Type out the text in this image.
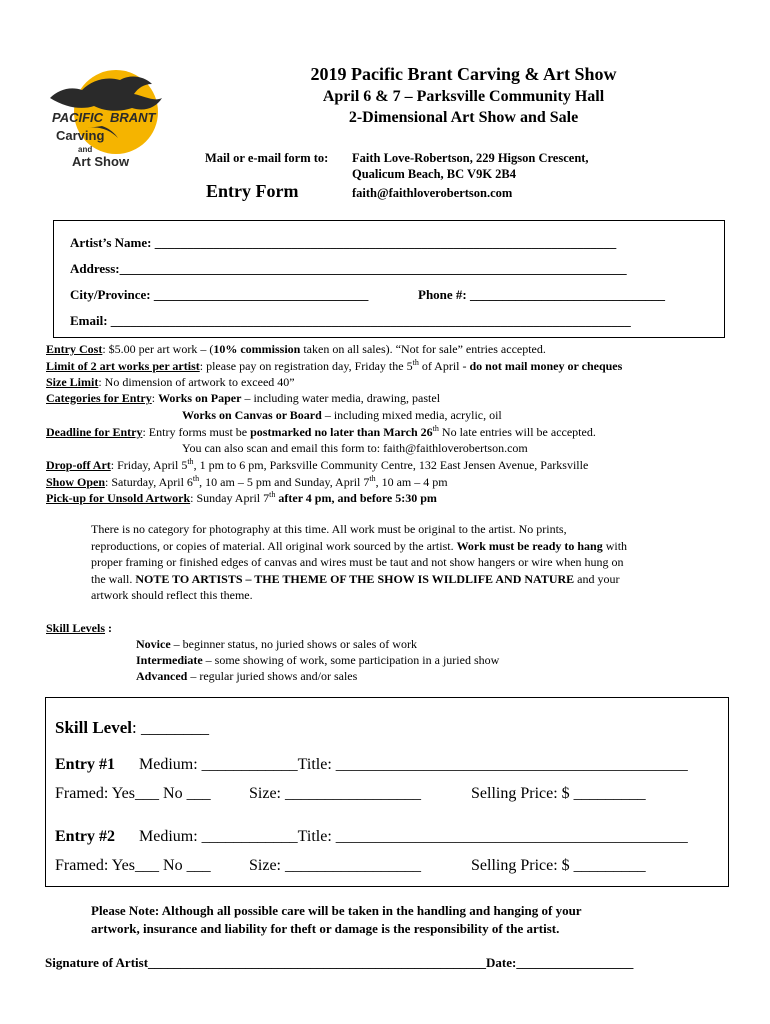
PACIFIC BRANT
Carving
and
Art Show
2019 Pacific Brant Carving & Art Show
April 6 & 7 – Parksville Community Hall
2-Dimensional Art Show and Sale
Mail or e-mail form to: Faith Love-Robertson, 229 Higson Crescent,
Qualicum Beach, BC V9K 2B4
faith@faithloverobertson.com
Entry Form
Artist’s Name: _______________________________________________________________________
Address:______________________________________________________________________________
City/Province: _________________________________	Phone #: ______________________________
Email: ________________________________________________________________________________
Entry Cost: $5.00 per art work – (10% commission taken on all sales). “Not for sale” entries accepted.
Limit of 2 art works per artist: please pay on registration day, Friday the 5th of April - do not mail money or cheques
Size Limit: No dimension of artwork to exceed 40”
Categories for Entry: Works on Paper – including water media, drawing, pastel
Works on Canvas or Board – including mixed media, acrylic, oil
Deadline for Entry: Entry forms must be postmarked no later than March 26th No late entries will be accepted.
You can also scan and email this form to: faith@faithloverobertson.com
Drop-off Art: Friday, April 5th, 1 pm to 6 pm, Parksville Community Centre, 132 East Jensen Avenue, Parksville
Show Open: Saturday, April 6th, 10 am – 5 pm and Sunday, April 7th, 10 am – 4 pm
Pick-up for Unsold Artwork: Sunday April 7th after 4 pm, and before 5:30 pm
There is no category for photography at this time. All work must be original to the artist. No prints,
reproductions, or copies of material. All original work sourced by the artist. Work must be ready to hang with
proper framing or finished edges of canvas and wires must be taut and not show hangers or wire when hung on
the wall. NOTE TO ARTISTS – THE THEME OF THE SHOW IS WILDLIFE AND NATURE and your
artwork should reflect this theme.
Skill Levels :
Novice – beginner status, no juried shows or sales of work
Intermediate – some showing of work, some participation in a juried show
Advanced – regular juried shows and/or sales
Skill Level: ________
Entry #1 Medium: ____________Title: ____________________________________________
Framed: Yes___ No ___ Size: _________________	Selling Price: $ _________
Entry #2 Medium: ____________Title: ____________________________________________
Framed: Yes___ No ___ Size: _________________	Selling Price: $ _________
Please Note: Although all possible care will be taken in the handling and hanging of your
artwork, insurance and liability for theft or damage is the responsibility of the artist.
Signature of Artist____________________________________________________Date:__________________
